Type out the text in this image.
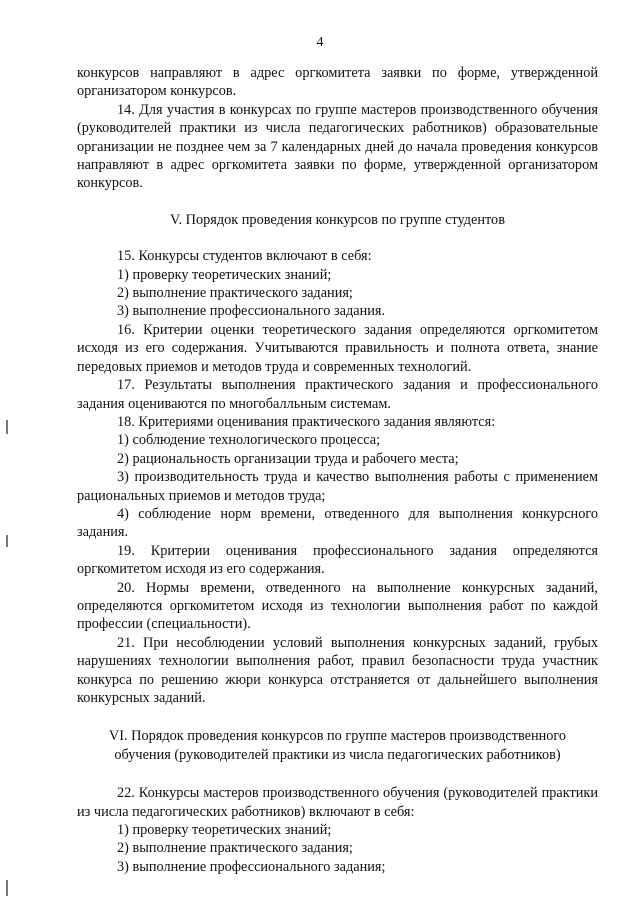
4

конкурсов направляют в адрес оргкомитета заявки по форме, утвержденной организатором конкурсов.

14. Для участия в конкурсах по группе мастеров производственного обучения (руководителей практики из числа педагогических работников) образовательные организации не позднее чем за 7 календарных дней до начала проведения конкурсов направляют в адрес оргкомитета заявки по форме, утвержденной организатором конкурсов.

V. Порядок проведения конкурсов по группе студентов

15. Конкурсы студентов включают в себя:

1) проверку теоретических знаний;

2) выполнение практического задания;

3) выполнение профессионального задания.

16. Критерии оценки теоретического задания определяются оргкомитетом исходя из его содержания. Учитываются правильность и полнота ответа, знание передовых приемов и методов труда и современных технологий.

17. Результаты выполнения практического задания и профессионального задания оцениваются по многобалльным системам.

18. Критериями оценивания практического задания являются:

1) соблюдение технологического процесса;

2) рациональность организации труда и рабочего места;

3) производительность труда и качество выполнения работы с применением рациональных приемов и методов труда;

4) соблюдение норм времени, отведенного для выполнения конкурсного задания.

19. Критерии оценивания профессионального задания определяются оргкомитетом исходя из его содержания.

20. Нормы времени, отведенного на выполнение конкурсных заданий, определяются оргкомитетом исходя из технологии выполнения работ по каждой профессии (специальности).

21. При несоблюдении условий выполнения конкурсных заданий, грубых нарушениях технологии выполнения работ, правил безопасности труда участник конкурса по решению жюри конкурса отстраняется от дальнейшего выполнения конкурсных заданий.

VI. Порядок проведения конкурсов по группе мастеров производственного

обучения (руководителей практики из числа педагогических работников)

22. Конкурсы мастеров производственного обучения (руководителей практики из числа педагогических работников) включают в себя:

1) проверку теоретических знаний;

2) выполнение практического задания;

3) выполнение профессионального задания;
